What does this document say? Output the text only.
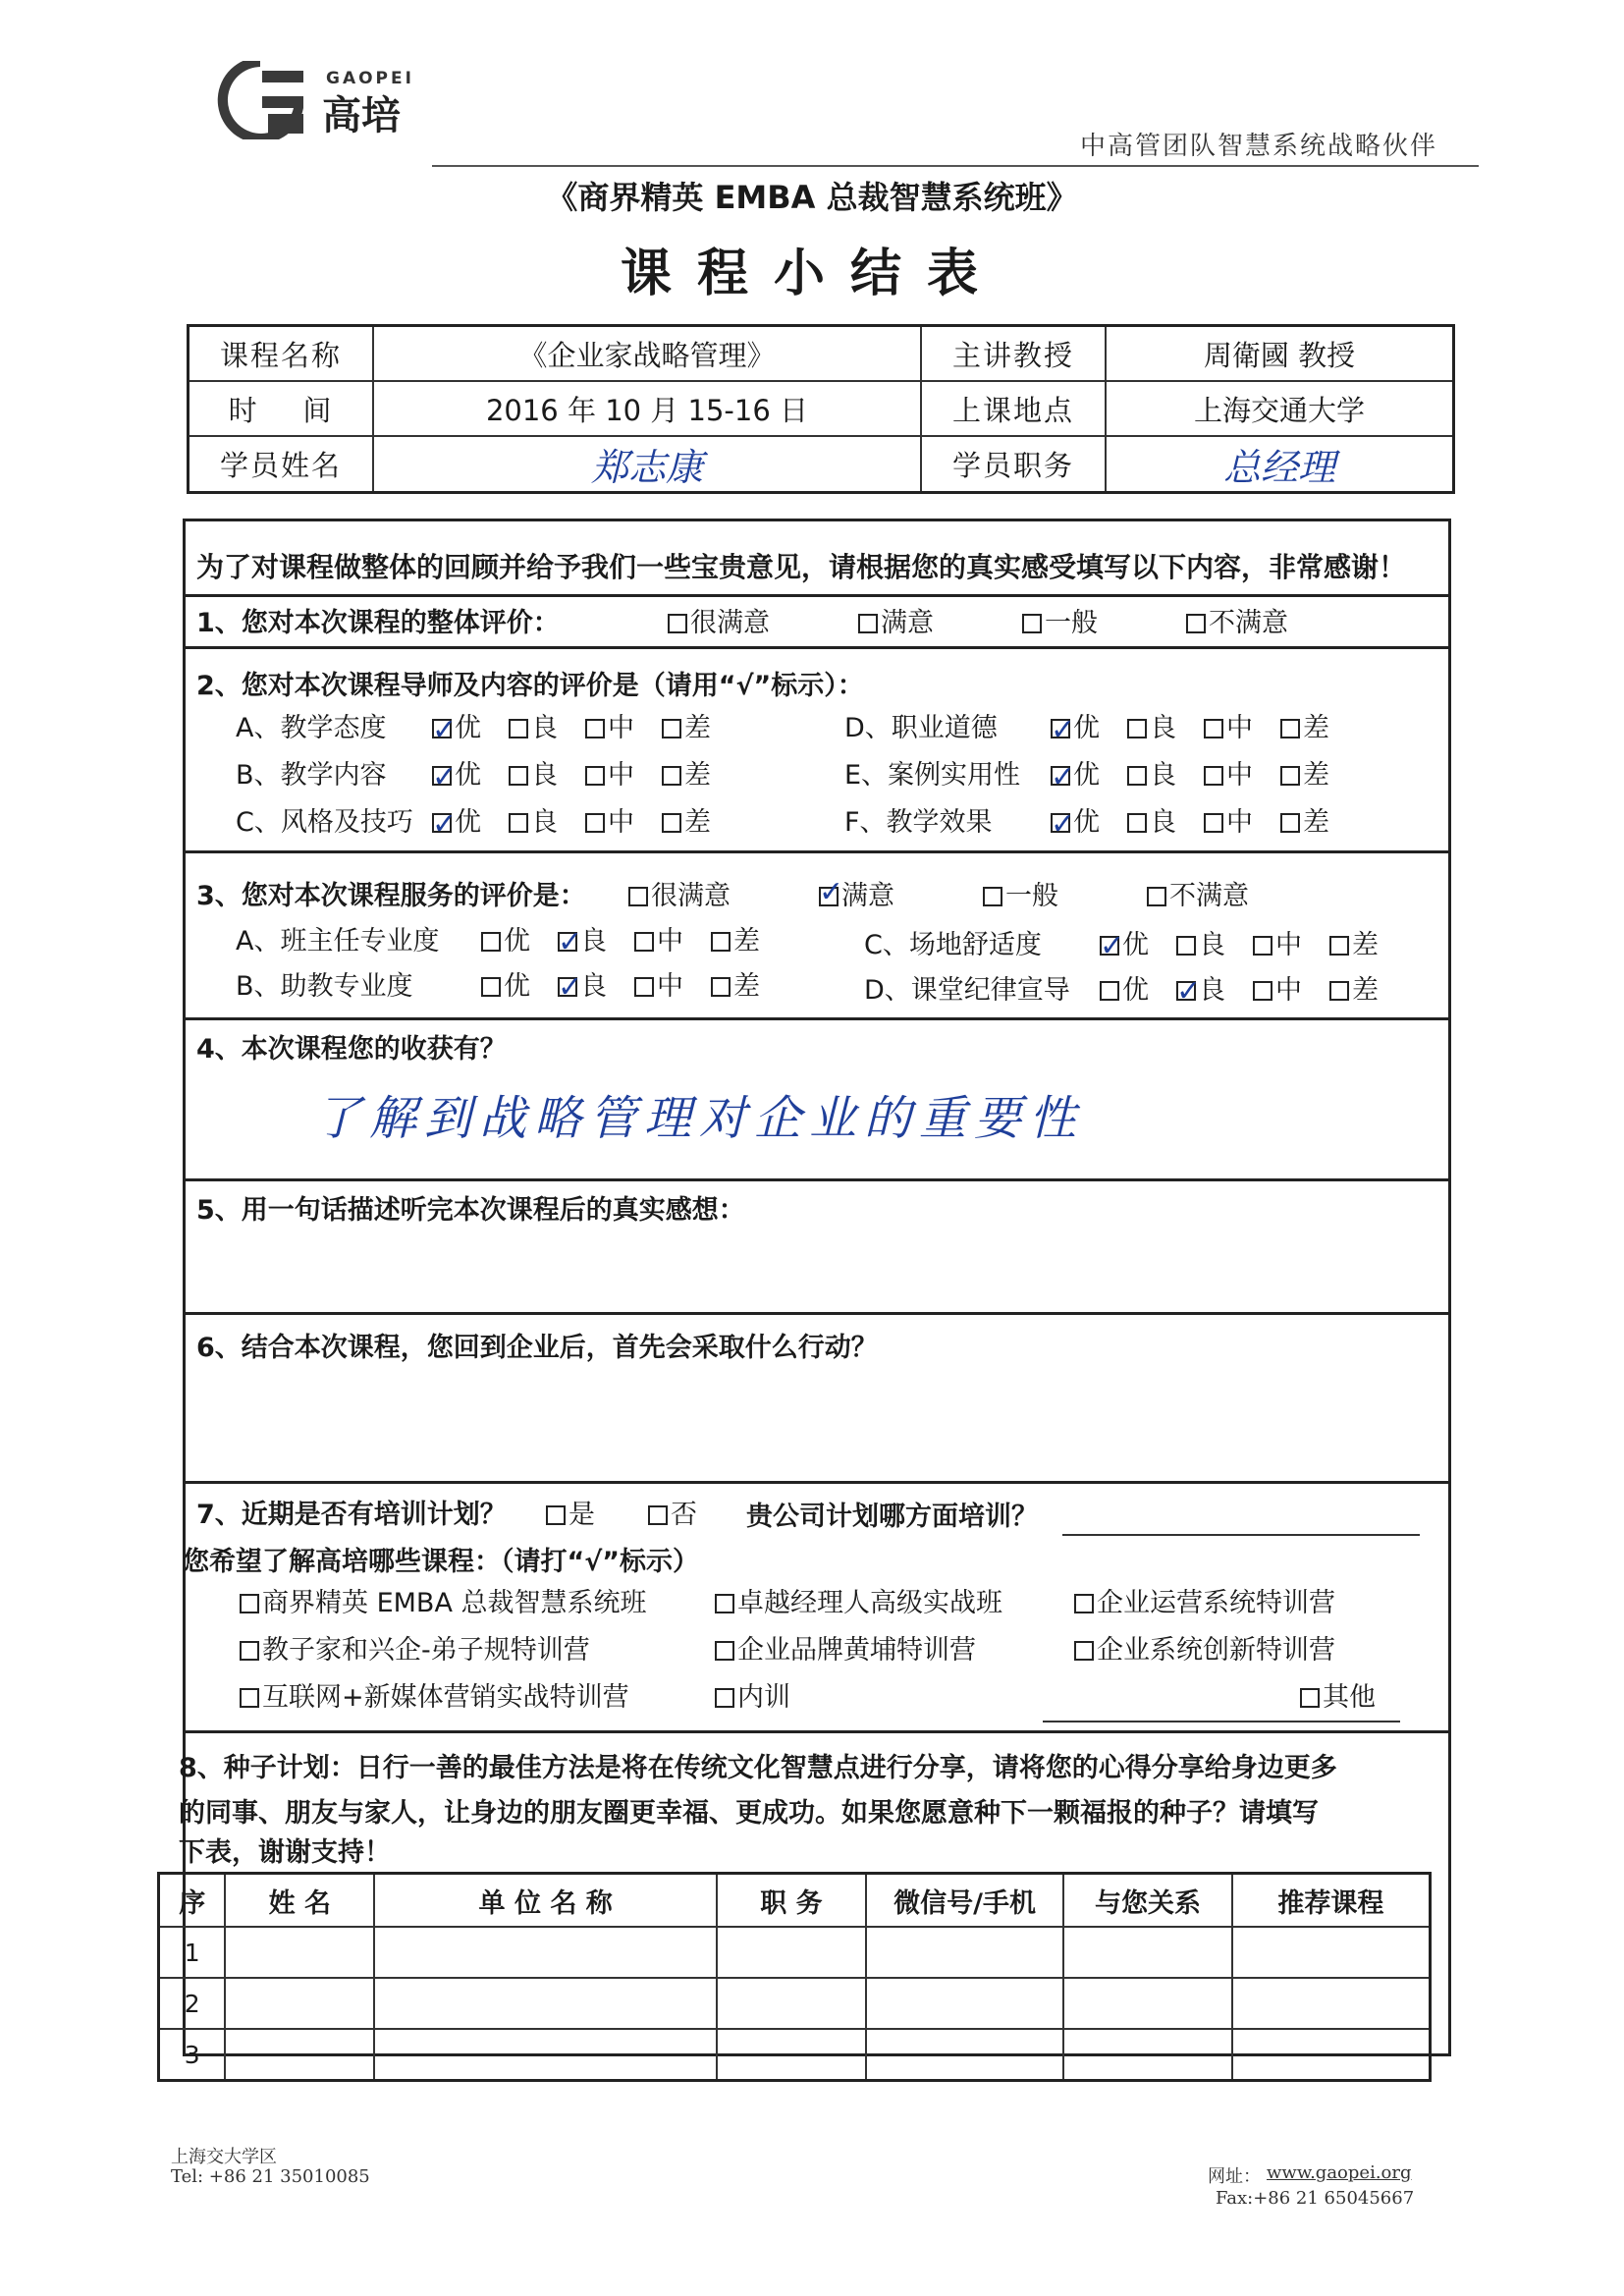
GAOPEI
高培
中高管团队智慧系统战略伙伴
《商界精英 EMBA 总裁智慧系统班》
课程小结表
课程名称	《企业家战略管理》	主讲教授	周衛國 教授
时    间	2016 年 10 月 15-16 日	上课地点	上海交通大学
学员姓名	郑志康	学员职务	总经理
为了对课程做整体的回顾并给予我们一些宝贵意见，请根据您的真实感受填写以下内容，非常感谢！
1、您对本次课程的整体评价：	很满意	满意	一般	不满意
2、您对本次课程导师及内容的评价是（请用“√”标示）：
A、教学态度 ✓	优 良 中 差
B、教学内容 ✓	优 良 中 差
C、风格及技巧 ✓ 优 良 中 差
D、职业道德 ✓	优 良 中 差
E、案例实用性 ✓ 优 良 中 差
F、教学效果 ✓	优 良 中 差
3、您对本次课程服务的评价是：	很满意 ✓	满意	一般	不满意
A、班主任专业度 优 ✓ 良 中 差
B、助教专业度	优 ✓ 良 中 差
C、场地舒适度 ✓	优 良 中 差
D、课堂纪律宣导 优 ✓ 良 中 差
4、本次课程您的收获有？
了解到战略管理对企业的重要性
5、用一句话描述听完本次课程后的真实感想：
6、结合本次课程，您回到企业后，首先会采取什么行动？
7、近期是否有培训计划？	是	否 贵公司计划哪方面培训？
您希望了解高培哪些课程：（请打“√”标示）
商界精英 EMBA 总裁智慧系统班	卓越经理人高级实战班	企业运营系统特训营
教子家和兴企-弟子规特训营	企业品牌黄埔特训营	企业系统创新特训营
互联网+新媒体营销实战特训营	内训	其他
8、种子计划：日行一善的最佳方法是将在传统文化智慧点进行分享，请将您的心得分享给身边更多
的同事、朋友与家人，让身边的朋友圈更幸福、更成功。如果您愿意种下一颗福报的种子？请填写
下表，谢谢支持！
序	姓 名	单 位 名 称	职 务	微信号/手机	与您关系	推荐课程
1						
2						
3						
上海交大学区
Tel: +86 21 35010085	网址： www.gaopei.org
Fax:+86 21 65045667
